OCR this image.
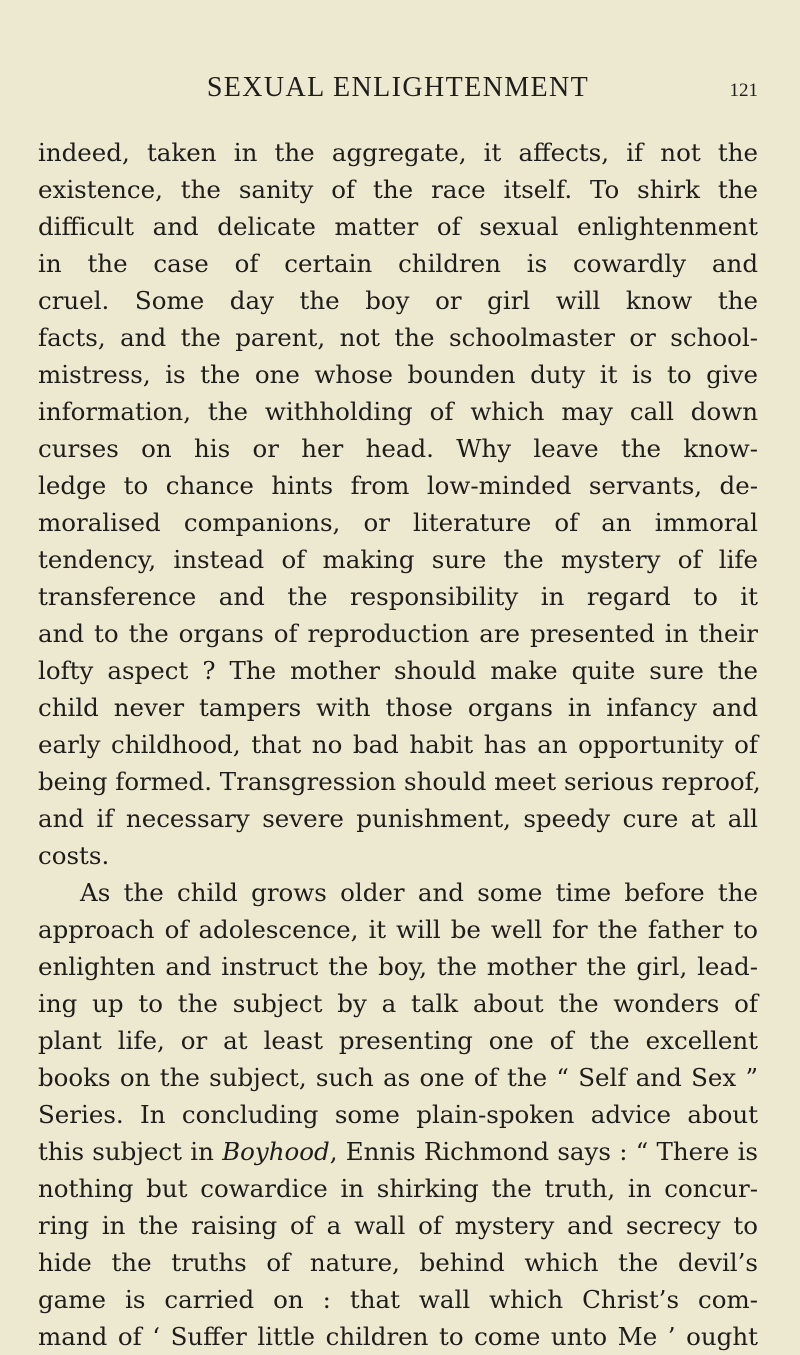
SEXUAL ENLIGHTENMENT	121
indeed, taken in the aggregate, it affects, if not the
existence, the sanity of the race itself. To shirk the
difficult and delicate matter of sexual enlightenment
in the case of certain children is cowardly and
cruel. Some day the boy or girl will know the
facts, and the parent, not the schoolmaster or school-
mistress, is the one whose bounden duty it is to give
information, the withholding of which may call down
curses on his or her head. Why leave the know-
ledge to chance hints from low-minded servants, de-
moralised companions, or literature of an immoral
tendency, instead of making sure the mystery of life
transference and the responsibility in regard to it
and to the organs of reproduction are presented in their
lofty aspect ? The mother should make quite sure the
child never tampers with those organs in infancy and
early childhood, that no bad habit has an opportunity of
being formed. Transgression should meet serious reproof,
and if necessary severe punishment, speedy cure at all
costs.
As the child grows older and some time before the
approach of adolescence, it will be well for the father to
enlighten and instruct the boy, the mother the girl, lead-
ing up to the subject by a talk about the wonders of
plant life, or at least presenting one of the excellent
books on the subject, such as one of the “ Self and Sex ”
Series. In concluding some plain-spoken advice about
this subject in Boyhood, Ennis Richmond says : “ There is
nothing but cowardice in shirking the truth, in concur-
ring in the raising of a wall of mystery and secrecy to
hide the truths of nature, behind which the devil’s
game is carried on : that wall which Christ’s com-
mand of ‘ Suffer little children to come unto Me ’ ought
